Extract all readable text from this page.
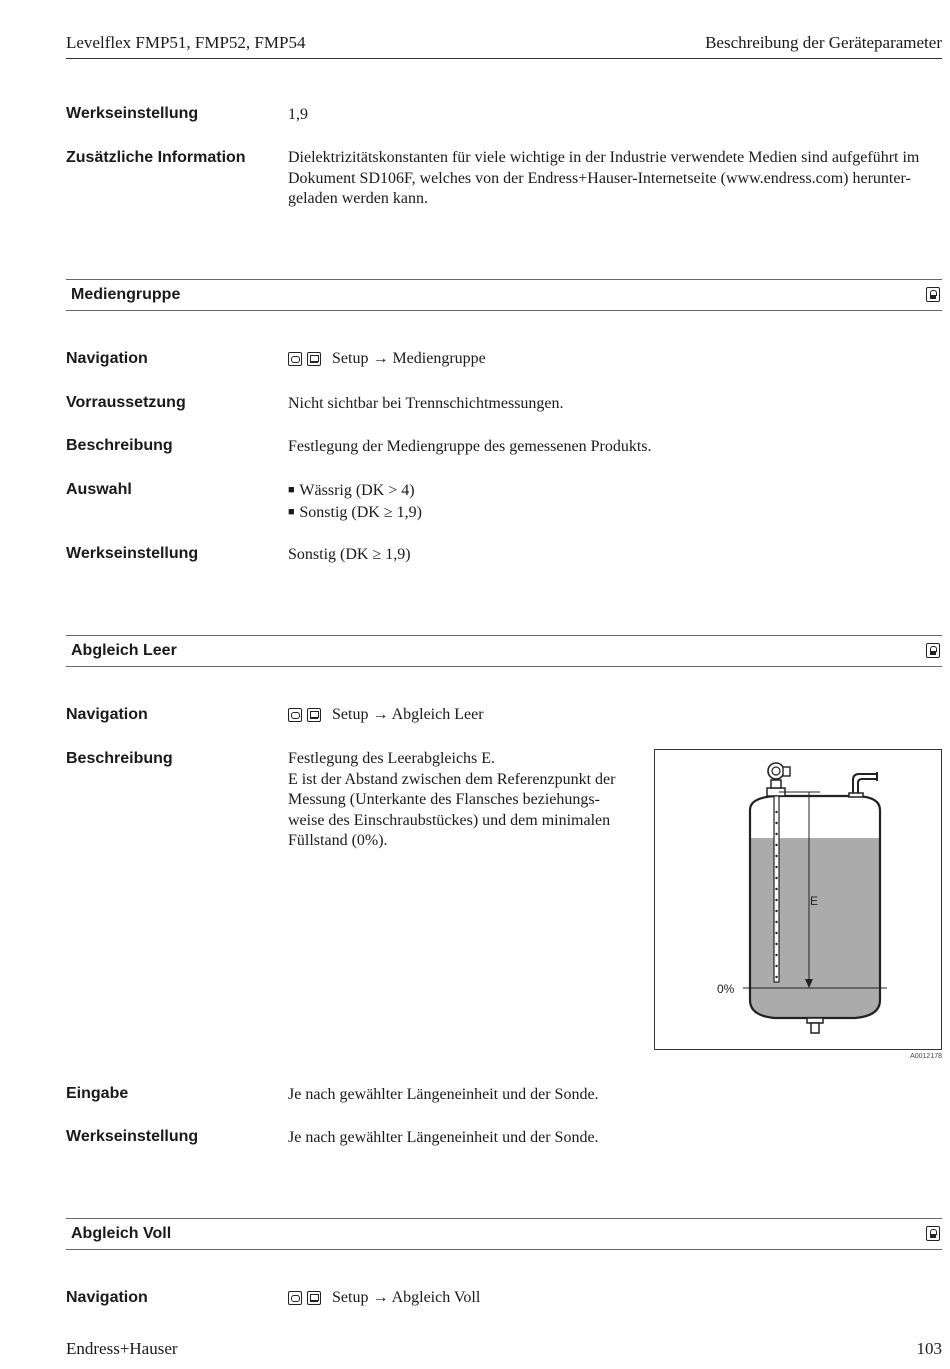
Levelflex FMP51, FMP52, FMP54	Beschreibung der Geräteparameter
Werkseinstellung	1,9
Zusätzliche Information	Dielektrizitätskonstanten für viele wichtige in der Industrie verwendete Medien sind aufgeführt im
Dokument SD106F, welches von der Endress+Hauser-Internetseite (www.endress.com) herunter-
geladen werden kann.
Mediengruppe
Navigation	Setup → Mediengruppe
Vorraussetzung	Nicht sichtbar bei Trennschichtmessungen.
Beschreibung	Festlegung der Mediengruppe des gemessenen Produkts.
Auswahl
■	Wässrig (DK > 4)
■ Sonstig (DK ≥ 1,9)
Werkseinstellung	Sonstig (DK ≥ 1,9)
Abgleich Leer
Navigation	Setup → Abgleich Leer
Beschreibung	Festlegung des Leerabgleichs E.
E ist der Abstand zwischen dem Referenzpunkt der
Messung (Unterkante des Flansches beziehungs-
weise des Einschraubstückes) und dem minimalen
Füllstand (0%).
E
0%
A0012178
Eingabe	Je nach gewählter Längeneinheit und der Sonde.
Werkseinstellung	Je nach gewählter Längeneinheit und der Sonde.
Abgleich Voll
Navigation	Setup → Abgleich Voll
Endress+Hauser	103
